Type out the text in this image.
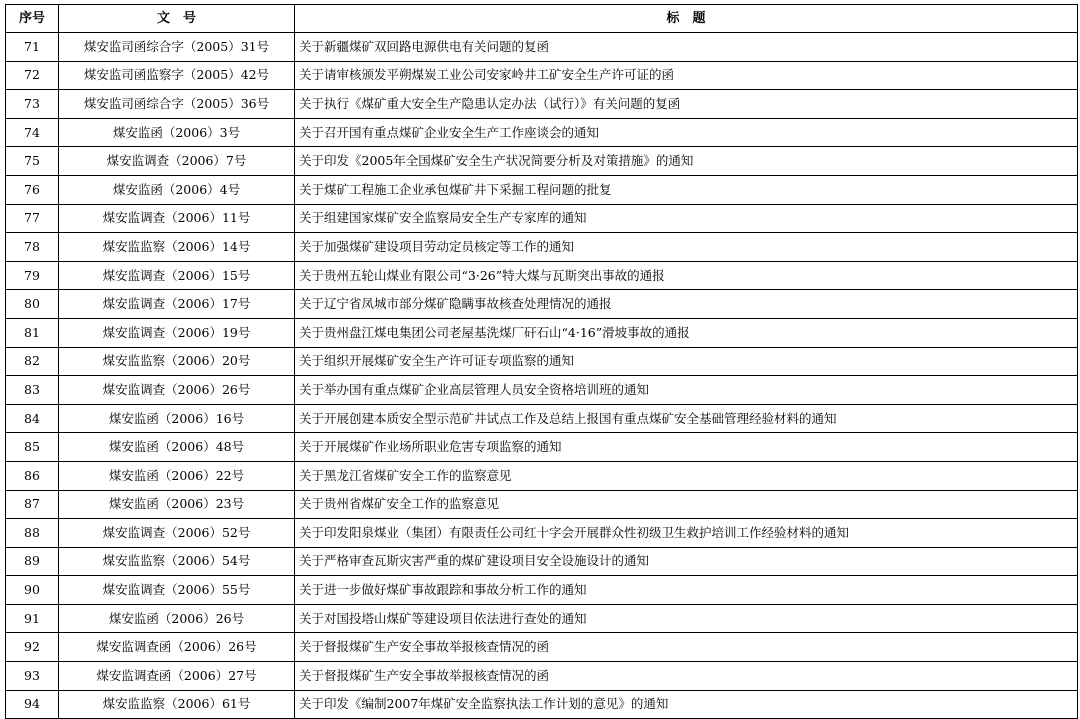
序号	文　号	标　题
71	煤安监司函综合字（2005）31号	关于新疆煤矿双回路电源供电有关问题的复函
72	煤安监司函监察字（2005）42号	关于请审核颁发平朔煤炭工业公司安家岭井工矿安全生产许可证的函
73	煤安监司函综合字（2005）36号	关于执行《煤矿重大安全生产隐患认定办法（试行）》有关问题的复函
74	煤安监函（2006）3号	关于召开国有重点煤矿企业安全生产工作座谈会的通知
75	煤安监调查（2006）7号	关于印发《2005年全国煤矿安全生产状况简要分析及对策措施》的通知
76	煤安监函（2006）4号	关于煤矿工程施工企业承包煤矿井下采掘工程问题的批复
77	煤安监调查（2006）11号	关于组建国家煤矿安全监察局安全生产专家库的通知
78	煤安监监察（2006）14号	关于加强煤矿建设项目劳动定员核定等工作的通知
79	煤安监调查（2006）15号	关于贵州五轮山煤业有限公司“3·26”特大煤与瓦斯突出事故的通报
80	煤安监调查（2006）17号	关于辽宁省凤城市部分煤矿隐瞒事故核查处理情况的通报
81	煤安监调查（2006）19号	关于贵州盘江煤电集团公司老屋基洗煤厂矸石山“4·16”滑坡事故的通报
82	煤安监监察（2006）20号	关于组织开展煤矿安全生产许可证专项监察的通知
83	煤安监调查（2006）26号	关于举办国有重点煤矿企业高层管理人员安全资格培训班的通知
84	煤安监函（2006）16号	关于开展创建本质安全型示范矿井试点工作及总结上报国有重点煤矿安全基础管理经验材料的通知
85	煤安监函（2006）48号	关于开展煤矿作业场所职业危害专项监察的通知
86	煤安监函（2006）22号	关于黑龙江省煤矿安全工作的监察意见
87	煤安监函（2006）23号	关于贵州省煤矿安全工作的监察意见
88	煤安监调查（2006）52号	关于印发阳泉煤业（集团）有限责任公司红十字会开展群众性初级卫生救护培训工作经验材料的通知
89	煤安监监察（2006）54号	关于严格审查瓦斯灾害严重的煤矿建设项目安全设施设计的通知
90	煤安监调查（2006）55号	关于进一步做好煤矿事故跟踪和事故分析工作的通知
91	煤安监函（2006）26号	关于对国投塔山煤矿等建设项目依法进行查处的通知
92	煤安监调查函（2006）26号	关于督报煤矿生产安全事故举报核查情况的函
93	煤安监调查函（2006）27号	关于督报煤矿生产安全事故举报核查情况的函
94	煤安监监察（2006）61号	关于印发《编制2007年煤矿安全监察执法工作计划的意见》的通知
